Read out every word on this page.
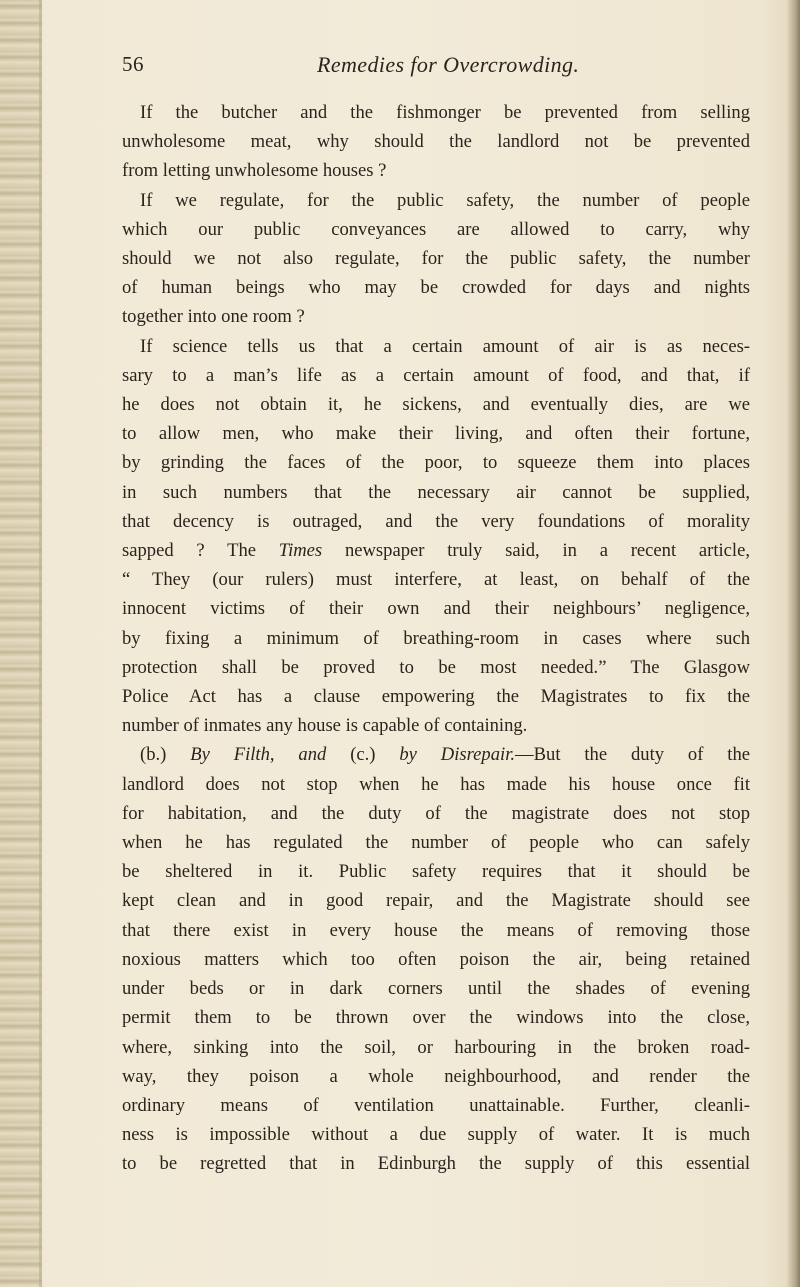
56	Remedies for Overcrowding.
If the butcher and the fishmonger be prevented from selling
unwholesome meat, why should the landlord not be prevented
from letting unwholesome houses ?
If we regulate, for the public safety, the number of people
which our public conveyances are allowed to carry, why
should we not also regulate, for the public safety, the number
of human beings who may be crowded for days and nights
together into one room ?
If science tells us that a certain amount of air is as neces-
sary to a man’s life as a certain amount of food, and that, if
he does not obtain it, he sickens, and eventually dies, are we
to allow men, who make their living, and often their fortune,
by grinding the faces of the poor, to squeeze them into places
in such numbers that the necessary air cannot be supplied,
that decency is outraged, and the very foundations of morality
sapped ? The Times newspaper truly said, in a recent article,
“ They (our rulers) must interfere, at least, on behalf of the
innocent victims of their own and their neighbours’ negligence,
by fixing a minimum of breathing-room in cases where such
protection shall be proved to be most needed.” The Glasgow
Police Act has a clause empowering the Magistrates to fix the
number of inmates any house is capable of containing.
(b.) By Filth, and (c.) by Disrepair.—But the duty of the
landlord does not stop when he has made his house once fit
for habitation, and the duty of the magistrate does not stop
when he has regulated the number of people who can safely
be sheltered in it. Public safety requires that it should be
kept clean and in good repair, and the Magistrate should see
that there exist in every house the means of removing those
noxious matters which too often poison the air, being retained
under beds or in dark corners until the shades of evening
permit them to be thrown over the windows into the close,
where, sinking into the soil, or harbouring in the broken road-
way, they poison a whole neighbourhood, and render the
ordinary means of ventilation unattainable. Further, cleanli-
ness is impossible without a due supply of water. It is much
to be regretted that in Edinburgh the supply of this essential
